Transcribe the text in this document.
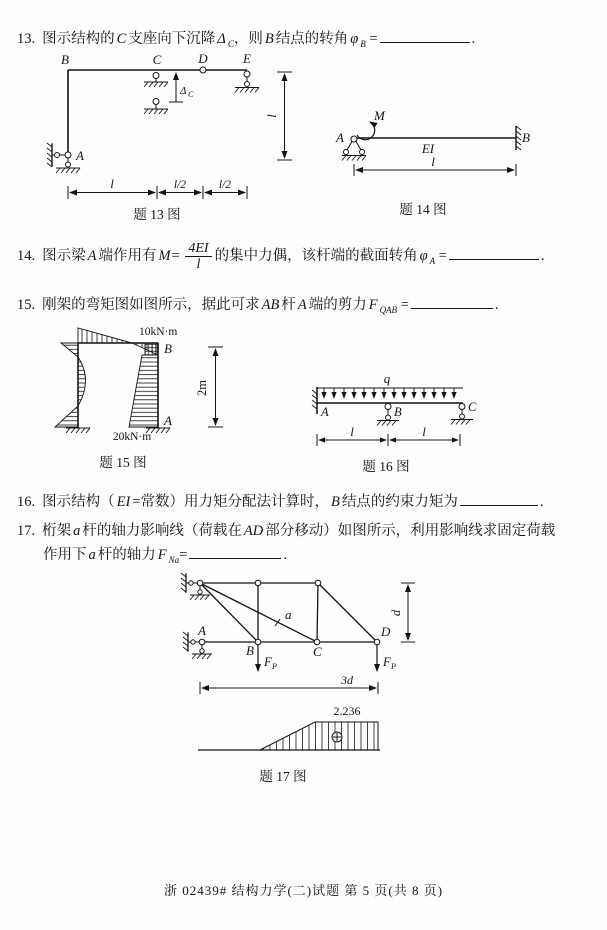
13. 图示结构的 C 支座向下沉降 Δ $_C$，则 B 结点的转角 φ $_B$ =	.
Δ C
B	C	D	E
A
l
l	l/2	l/2
题 13 图
M
A	B
EI
l
题 14 图
14. 图示梁 A 端作用有 $M= \frac{4EI}{l}$ 的集中力偶，该杆端的截面转角 φ $_A$ =	.
15. 刚架的弯矩图如图所示，据此可求 AB 杆 A 端的剪力 F $_{QAB}$ =	.
10kN·m
20kN·m
B
A
2m
题 15 图
q
A	B	C
l	l
题 16 图
16. 图示结构（ EI =常数）用力矩分配法计算时， B 结点的约束力矩为	.
17. 桁架 a 杆的轴力影响线（荷载在 AD 部分移动）如图所示，利用影响线求固定荷载
作用下 a 杆的轴力 F $_{Na}$=	.
a
A
B	C
D
F P	F P
3d
d
2.236
题 17 图
浙 02439# 结构力学(二)试题 第 5 页(共 8 页)
